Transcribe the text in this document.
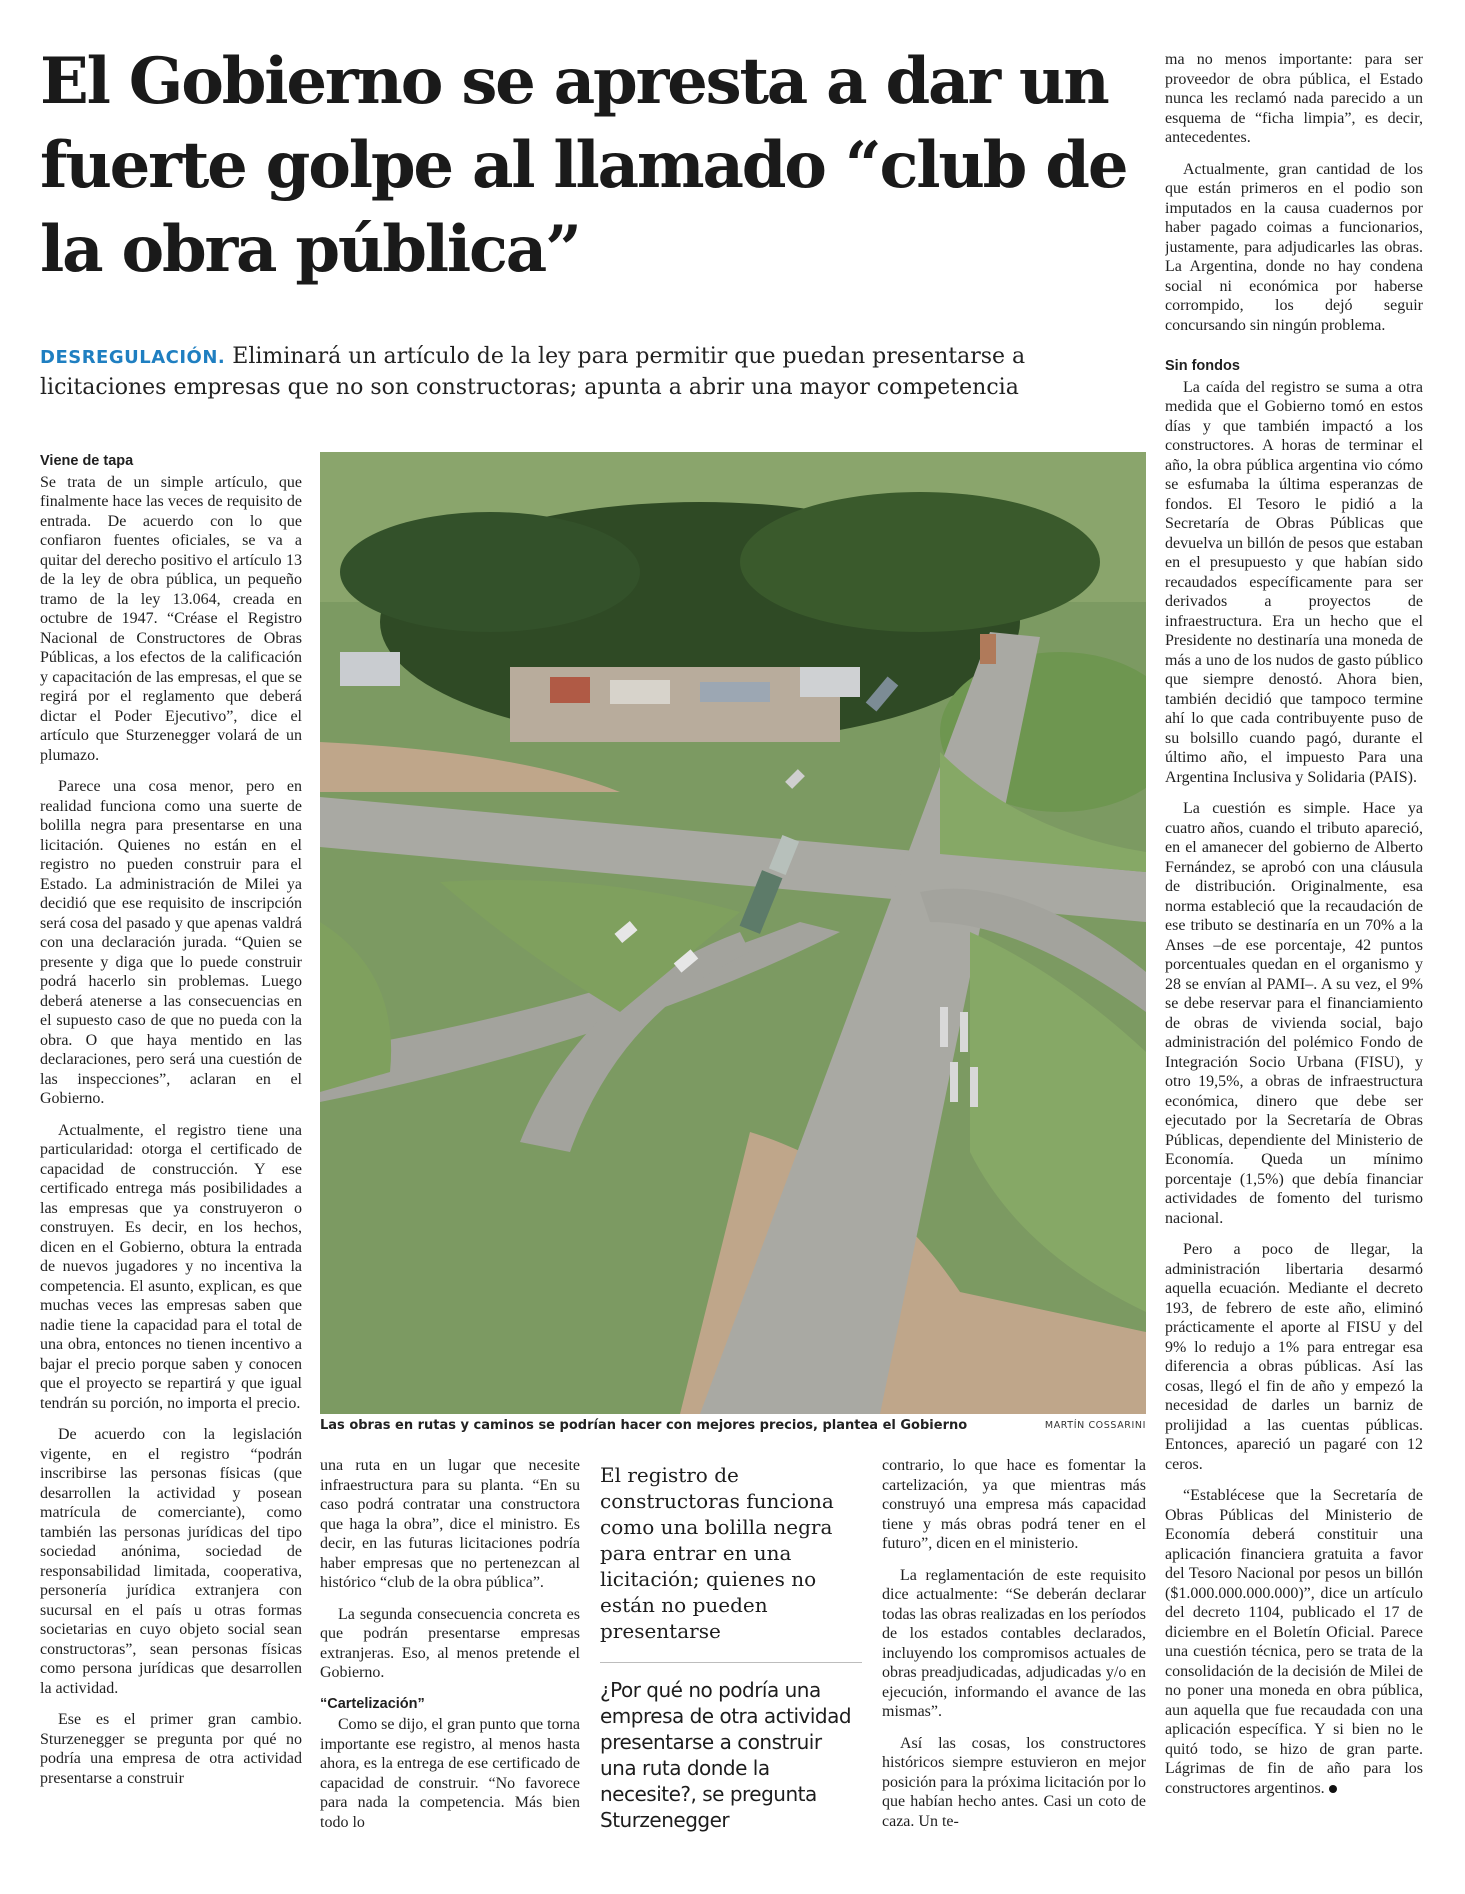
El Gobierno se apresta a dar un fuerte golpe al llamado “club de la obra pública”

DESREGULACIÓN. Eliminará un artículo de la ley para permitir que puedan presentarse a licitaciones empresas que no son constructoras; apunta a abrir una mayor competencia

Viene de tapa

Se trata de un simple artículo, que finalmente hace las veces de requisito de entrada. De acuerdo con lo que confiaron fuentes oficiales, se va a quitar del derecho positivo el artículo 13 de la ley de obra pública, un pequeño tramo de la ley 13.064, creada en octubre de 1947. “Créase el Registro Nacional de Constructores de Obras Públicas, a los efectos de la calificación y capacitación de las empresas, el que se regirá por el reglamento que deberá dictar el Poder Ejecutivo”, dice el artículo que Sturzenegger volará de un plumazo.

Parece una cosa menor, pero en realidad funciona como una suerte de bolilla negra para presentarse en una licitación. Quienes no están en el registro no pueden construir para el Estado. La administración de Milei ya decidió que ese requisito de inscripción será cosa del pasado y que apenas valdrá con una declaración jurada. “Quien se presente y diga que lo puede construir podrá hacerlo sin problemas. Luego deberá atenerse a las consecuencias en el supuesto caso de que no pueda con la obra. O que haya mentido en las declaraciones, pero será una cuestión de las inspecciones”, aclaran en el Gobierno.

Actualmente, el registro tiene una particularidad: otorga el certificado de capacidad de construcción. Y ese certificado entrega más posibilidades a las empresas que ya construyeron o construyen. Es decir, en los hechos, dicen en el Gobierno, obtura la entrada de nuevos jugadores y no incentiva la competencia. El asunto, explican, es que muchas veces las empresas saben que nadie tiene la capacidad para el total de una obra, entonces no tienen incentivo a bajar el precio porque saben y conocen que el proyecto se repartirá y que igual tendrán su porción, no importa el precio.

De acuerdo con la legislación vigente, en el registro “podrán inscribirse las personas físicas (que desarrollen la actividad y posean matrícula de comerciante), como también las personas jurídicas del tipo sociedad anónima, sociedad de responsabilidad limitada, cooperativa, personería jurídica extranjera con sucursal en el país u otras formas societarias en cuyo objeto social sean constructoras”, sean personas físicas como persona jurídicas que desarrollen la actividad.

Ese es el primer gran cambio. Sturzenegger se pregunta por qué no podría una empresa de otra actividad presentarse a construir

Las obras en rutas y caminos se podrían hacer con mejores precios, plantea el Gobierno	MARTÍN COSSARINI

una ruta en un lugar que necesite infraestructura para su planta. “En su caso podrá contratar una constructora que haga la obra”, dice el ministro. Es decir, en las futuras licitaciones podría haber empresas que no pertenezcan al histórico “club de la obra pública”.

La segunda consecuencia concreta es que podrán presentarse empresas extranjeras. Eso, al menos pretende el Gobierno.

“Cartelización”

Como se dijo, el gran punto que torna importante ese registro, al menos hasta ahora, es la entrega de ese certificado de capacidad de construir. “No favorece para nada la competencia. Más bien todo lo

El registro de constructoras funciona como una bolilla negra para entrar en una licitación; quienes no están no pueden presentarse

¿Por qué no podría una empresa de otra actividad presentarse a construir una ruta donde la necesite?, se pregunta Sturzenegger

contrario, lo que hace es fomentar la cartelización, ya que mientras más construyó una empresa más capacidad tiene y más obras podrá tener en el futuro”, dicen en el ministerio.

La reglamentación de este requisito dice actualmente: “Se deberán declarar todas las obras realizadas en los períodos de los estados contables declarados, incluyendo los compromisos actuales de obras preadjudicadas, adjudicadas y/o en ejecución, informando el avance de las mismas”.

Así las cosas, los constructores históricos siempre estuvieron en mejor posición para la próxima licitación por lo que habían hecho antes. Casi un coto de caza. Un te-

ma no menos importante: para ser proveedor de obra pública, el Estado nunca les reclamó nada parecido a un esquema de “ficha limpia”, es decir, antecedentes.

Actualmente, gran cantidad de los que están primeros en el podio son imputados en la causa cuadernos por haber pagado coimas a funcionarios, justamente, para adjudicarles las obras. La Argentina, donde no hay condena social ni económica por haberse corrompido, los dejó seguir concursando sin ningún problema.

Sin fondos

La caída del registro se suma a otra medida que el Gobierno tomó en estos días y que también impactó a los constructores. A horas de terminar el año, la obra pública argentina vio cómo se esfumaba la última esperanzas de fondos. El Tesoro le pidió a la Secretaría de Obras Públicas que devuelva un billón de pesos que estaban en el presupuesto y que habían sido recaudados específicamente para ser derivados a proyectos de infraestructura. Era un hecho que el Presidente no destinaría una moneda de más a uno de los nudos de gasto público que siempre denostó. Ahora bien, también decidió que tampoco termine ahí lo que cada contribuyente puso de su bolsillo cuando pagó, durante el último año, el impuesto Para una Argentina Inclusiva y Solidaria (PAIS).

La cuestión es simple. Hace ya cuatro años, cuando el tributo apareció, en el amanecer del gobierno de Alberto Fernández, se aprobó con una cláusula de distribución. Originalmente, esa norma estableció que la recaudación de ese tributo se destinaría en un 70% a la Anses –de ese porcentaje, 42 puntos porcentuales quedan en el organismo y 28 se envían al PAMI–. A su vez, el 9% se debe reservar para el financiamiento de obras de vivienda social, bajo administración del polémico Fondo de Integración Socio Urbana (FISU), y otro 19,5%, a obras de infraestructura económica, dinero que debe ser ejecutado por la Secretaría de Obras Públicas, dependiente del Ministerio de Economía. Queda un mínimo porcentaje (1,5%) que debía financiar actividades de fomento del turismo nacional.

Pero a poco de llegar, la administración libertaria desarmó aquella ecuación. Mediante el decreto 193, de febrero de este año, eliminó prácticamente el aporte al FISU y del 9% lo redujo a 1% para entregar esa diferencia a obras públicas. Así las cosas, llegó el fin de año y empezó la necesidad de darles un barniz de prolijidad a las cuentas públicas. Entonces, apareció un pagaré con 12 ceros.

“Establécese que la Secretaría de Obras Públicas del Ministerio de Economía deberá constituir una aplicación financiera gratuita a favor del Tesoro Nacional por pesos un billón ($1.000.000.000.000)”, dice un artículo del decreto 1104, publicado el 17 de diciembre en el Boletín Oficial. Parece una cuestión técnica, pero se trata de la consolidación de la decisión de Milei de no poner una moneda en obra pública, aun aquella que fue recaudada con una aplicación específica. Y si bien no le quitó todo, se hizo de gran parte. Lágrimas de fin de año para los constructores argentinos.
